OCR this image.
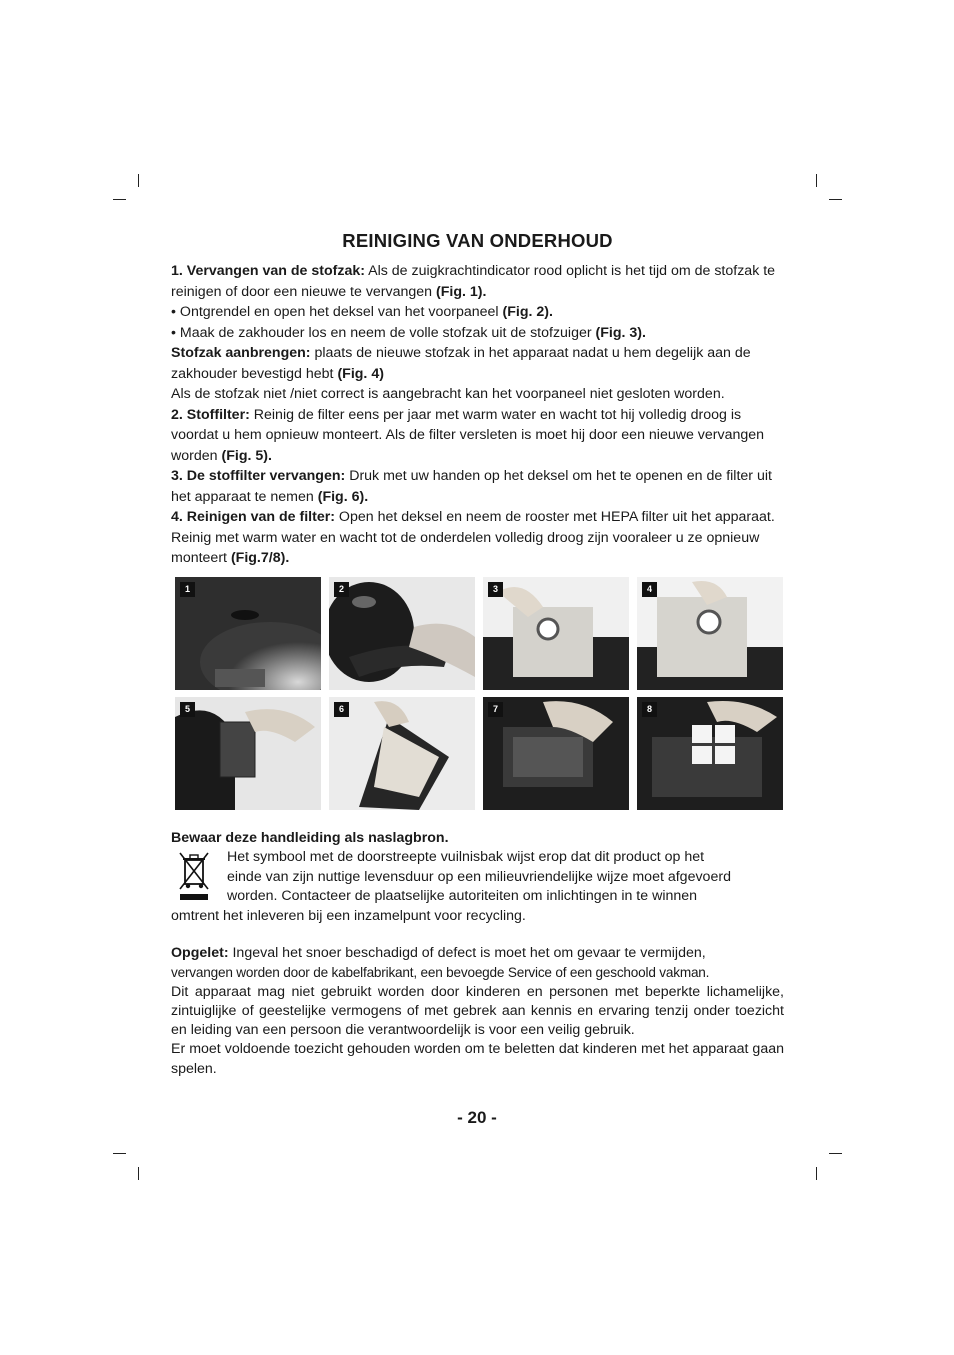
REINIGING VAN ONDERHOUD

1. Vervangen van de stofzak: Als de zuigkrachtindicator rood oplicht is het tijd om de stofzak te reinigen of door een nieuwe te vervangen (Fig. 1).

• Ontgrendel en open het deksel van het voorpaneel (Fig. 2).

• Maak de zakhouder los en neem de volle stofzak uit de stofzuiger (Fig. 3).

Stofzak aanbrengen: plaats de nieuwe stofzak in het apparaat nadat u hem degelijk aan de zakhouder bevestigd hebt (Fig. 4)

Als de stofzak niet /niet correct is aangebracht kan het voorpaneel niet gesloten worden.

2. Stoffilter: Reinig de filter eens per jaar met warm water en wacht tot hij volledig droog is voordat u hem opnieuw monteert. Als de filter versleten is moet hij door een nieuwe vervangen worden (Fig. 5).

3. De stoffilter vervangen: Druk met uw handen op het deksel om het te openen en de filter uit het apparaat te nemen (Fig. 6).

4. Reinigen van de filter: Open het deksel en neem de rooster met HEPA filter uit het apparaat. Reinig met warm water en wacht tot de onderdelen volledig droog zijn vooraleer u ze opnieuw monteert (Fig.7/8).

1	2	3	4
5	6	7	8

Bewaar deze handleiding als naslagbron.

Het symbool met de doorstreepte vuilnisbak wijst erop dat dit product op het

einde van zijn nuttige levensduur op een milieuvriendelijke wijze moet afgevoerd

worden. Contacteer de plaatselijke autoriteiten om inlichtingen in te winnen

omtrent het inleveren bij een inzamelpunt voor recycling.

Opgelet: Ingeval het snoer beschadigd of defect is moet het om gevaar te vermijden,

vervangen worden door de kabelfabrikant, een bevoegde Service of een geschoold vakman.

Dit apparaat mag niet gebruikt worden door kinderen en personen met beperkte lichamelijke, zintuiglijke of geestelijke vermogens of met gebrek aan kennis en ervaring tenzij onder toezicht en leiding van een persoon die verantwoordelijk is voor een veilig gebruik.

Er moet voldoende toezicht gehouden worden om te beletten dat kinderen met het apparaat gaan spelen.

- 20 -
